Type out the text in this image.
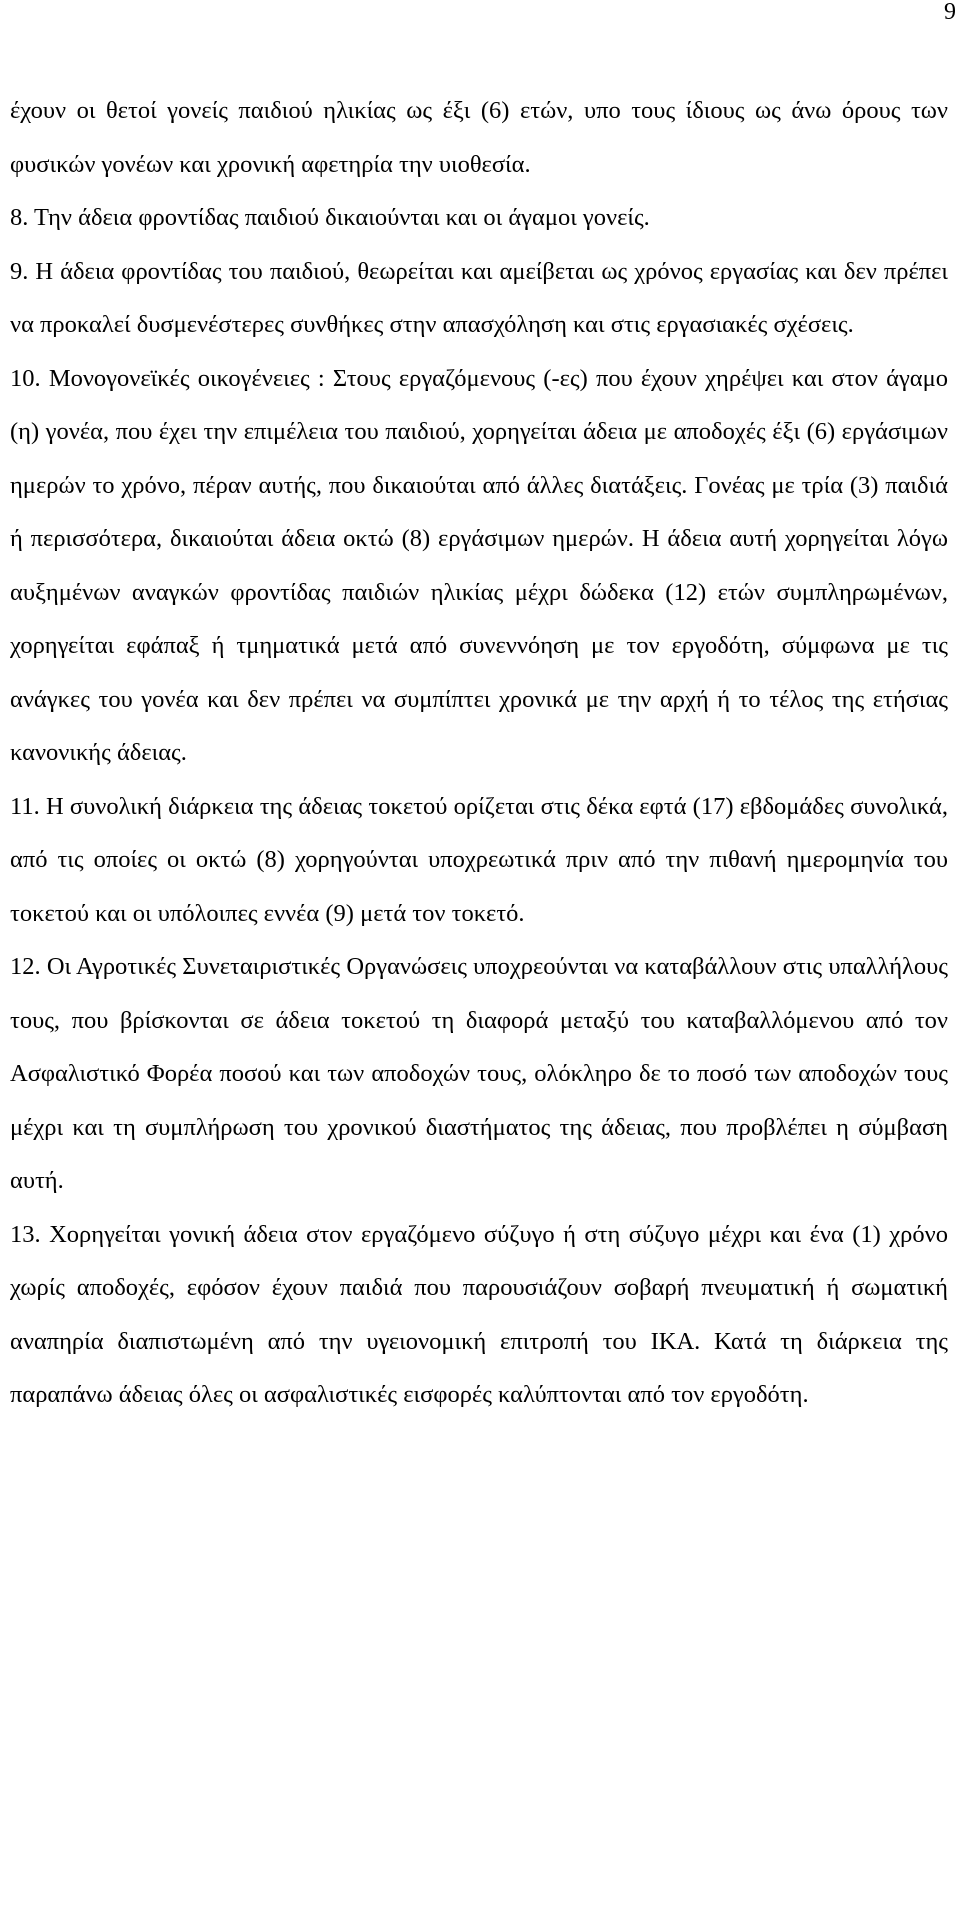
9

έχουν οι θετοί γονείς παιδιού ηλικίας ως έξι (6) ετών, υπο τους ίδιους ως άνω όρους των φυσικών γονέων και χρονική αφετηρία την υιοθεσία.

8. Την άδεια φροντίδας παιδιού δικαιούνται και οι άγαμοι γονείς.

9. Η άδεια φροντίδας του παιδιού, θεωρείται και αμείβεται ως χρόνος εργασίας και δεν πρέπει να προκαλεί δυσμενέστερες συνθήκες στην απασχόληση και στις εργασιακές σχέσεις.

10. Μονογονεϊκές οικογένειες : Στους εργαζόμενους (-ες) που έχουν χηρέψει και στον άγαμο (η) γονέα, που έχει την επιμέλεια του παιδιού, χορηγείται άδεια με αποδοχές έξι (6) εργάσιμων ημερών το χρόνο, πέραν αυτής, που δικαιούται από άλλες διατάξεις. Γονέας με τρία (3) παιδιά ή περισσότερα, δικαιούται άδεια οκτώ (8) εργάσιμων ημερών. Η άδεια αυτή χορηγείται λόγω αυξημένων αναγκών φροντίδας παιδιών ηλικίας μέχρι δώδεκα (12) ετών συμπληρωμένων, χορηγείται εφάπαξ ή τμηματικά μετά από συνεννόηση με τον εργοδότη, σύμφωνα με τις ανάγκες του γονέα και δεν πρέπει να συμπίπτει χρονικά με την αρχή ή το τέλος της ετήσιας κανονικής άδειας.

11. Η συνολική διάρκεια της άδειας τοκετού ορίζεται στις δέκα εφτά (17) εβδομάδες συνολικά, από τις οποίες οι οκτώ (8) χορηγούνται υποχρεωτικά πριν από την πιθανή ημερομηνία του τοκετού και οι υπόλοιπες εννέα (9) μετά τον τοκετό.

12. Οι Αγροτικές Συνεταιριστικές Οργανώσεις υποχρεούνται να καταβάλλουν στις υπαλλήλους τους, που βρίσκονται σε άδεια τοκετού τη διαφορά μεταξύ του καταβαλλόμενου από τον Ασφαλιστικό Φορέα ποσού και των αποδοχών τους, ολόκληρο δε το ποσό των αποδοχών τους μέχρι και τη συμπλήρωση του χρονικού διαστήματος της άδειας, που προβλέπει η σύμβαση αυτή.

13. Χορηγείται γονική άδεια στον εργαζόμενο σύζυγο ή στη σύζυγο μέχρι και ένα (1) χρόνο χωρίς αποδοχές, εφόσον έχουν παιδιά που παρουσιάζουν σοβαρή πνευματική ή σωματική αναπηρία διαπιστωμένη από την υγειονομική επιτροπή του ΙΚΑ. Κατά τη διάρκεια της παραπάνω άδειας όλες οι ασφαλιστικές εισφορές καλύπτονται από τον εργοδότη.
